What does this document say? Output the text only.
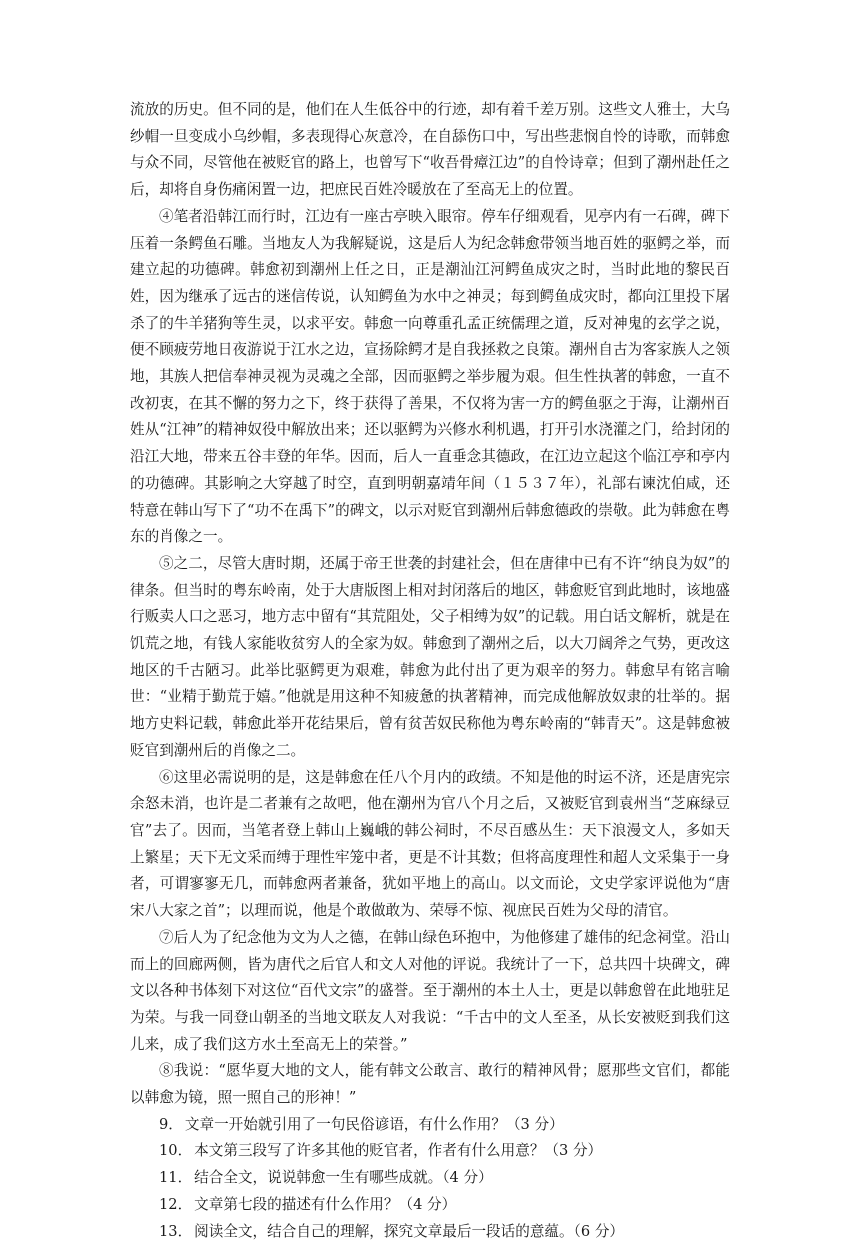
流放的历史。但不同的是，他们在人生低谷中的行迹，却有着千差万别。这些文人雅士，大乌纱帽一旦变成小乌纱帽，多表现得心灰意冷，在自舔伤口中，写出些悲悯自怜的诗歌，而韩愈与众不同，尽管他在被贬官的路上，也曾写下“收吾骨瘴江边”的自怜诗章；但到了潮州赴任之后，却将自身伤痛闲置一边，把庶民百姓冷暖放在了至高无上的位置。

④笔者沿韩江而行时，江边有一座古亭映入眼帘。停车仔细观看，见亭内有一石碑，碑下压着一条鳄鱼石雕。当地友人为我解疑说，这是后人为纪念韩愈带领当地百姓的驱鳄之举，而建立起的功德碑。韩愈初到潮州上任之日，正是潮汕江河鳄鱼成灾之时，当时此地的黎民百姓，因为继承了远古的迷信传说，认知鳄鱼为水中之神灵；每到鳄鱼成灾时，都向江里投下屠杀了的牛羊猪狗等生灵，以求平安。韩愈一向尊重孔孟正统儒理之道，反对神鬼的玄学之说，便不顾疲劳地日夜游说于江水之边，宣扬除鳄才是自我拯救之良策。潮州自古为客家族人之领地，其族人把信奉神灵视为灵魂之全部，因而驱鳄之举步履为艰。但生性执著的韩愈，一直不改初衷，在其不懈的努力之下，终于获得了善果，不仅将为害一方的鳄鱼驱之于海，让潮州百姓从“江神”的精神奴役中解放出来；还以驱鳄为兴修水利机遇，打开引水浇灌之门，给封闭的沿江大地，带来五谷丰登的年华。因而，后人一直垂念其德政，在江边立起这个临江亭和亭内的功德碑。其影响之大穿越了时空，直到明朝嘉靖年间（１５３７年），礼部右谏沈伯咸，还特意在韩山写下了“功不在禹下”的碑文，以示对贬官到潮州后韩愈德政的崇敬。此为韩愈在粤东的肖像之一。

⑤之二，尽管大唐时期，还属于帝王世袭的封建社会，但在唐律中已有不许“纳良为奴”的律条。但当时的粤东岭南，处于大唐版图上相对封闭落后的地区，韩愈贬官到此地时，该地盛行贩卖人口之恶习，地方志中留有“其荒阻处，父子相缚为奴”的记载。用白话文解析，就是在饥荒之地，有钱人家能收贫穷人的全家为奴。韩愈到了潮州之后，以大刀阔斧之气势，更改这地区的千古陋习。此举比驱鳄更为艰难，韩愈为此付出了更为艰辛的努力。韩愈早有铭言喻世：“业精于勤荒于嬉。”他就是用这种不知疲惫的执著精神，而完成他解放奴隶的壮举的。据地方史料记载，韩愈此举开花结果后，曾有贫苦奴民称他为粤东岭南的“韩青天”。这是韩愈被贬官到潮州后的肖像之二。

⑥这里必需说明的是，这是韩愈在任八个月内的政绩。不知是他的时运不济，还是唐宪宗余怒未消，也许是二者兼有之故吧，他在潮州为官八个月之后，又被贬官到袁州当“芝麻绿豆官”去了。因而，当笔者登上韩山上巍峨的韩公祠时，不尽百感丛生：天下浪漫文人，多如天上繁星；天下无文采而缚于理性牢笼中者，更是不计其数；但将高度理性和超人文采集于一身者，可谓寥寥无几，而韩愈两者兼备，犹如平地上的高山。以文而论，文史学家评说他为“唐宋八大家之首”；以理而说，他是个敢做敢为、荣辱不惊、视庶民百姓为父母的清官。

⑦后人为了纪念他为文为人之德，在韩山绿色环抱中，为他修建了雄伟的纪念祠堂。沿山而上的回廊两侧，皆为唐代之后官人和文人对他的评说。我统计了一下，总共四十块碑文，碑文以各种书体刻下对这位“百代文宗”的盛誉。至于潮州的本土人士，更是以韩愈曾在此地驻足为荣。与我一同登山朝圣的当地文联友人对我说：“千古中的文人至圣，从长安被贬到我们这儿来，成了我们这方水土至高无上的荣誉。”

⑧我说：“愿华夏大地的文人，能有韩文公敢言、敢行的精神风骨；愿那些文官们，都能以韩愈为镜，照一照自己的形神！”

9． 文章一开始就引用了一句民俗谚语，有什么作用？（3 分）
10． 本文第三段写了许多其他的贬官者，作者有什么用意？（3 分）
11． 结合全文，说说韩愈一生有哪些成就。（4 分）
12． 文章第七段的描述有什么作用？（4 分）
13． 阅读全文，结合自己的理解，探究文章最后一段话的意蕴。（6 分）
